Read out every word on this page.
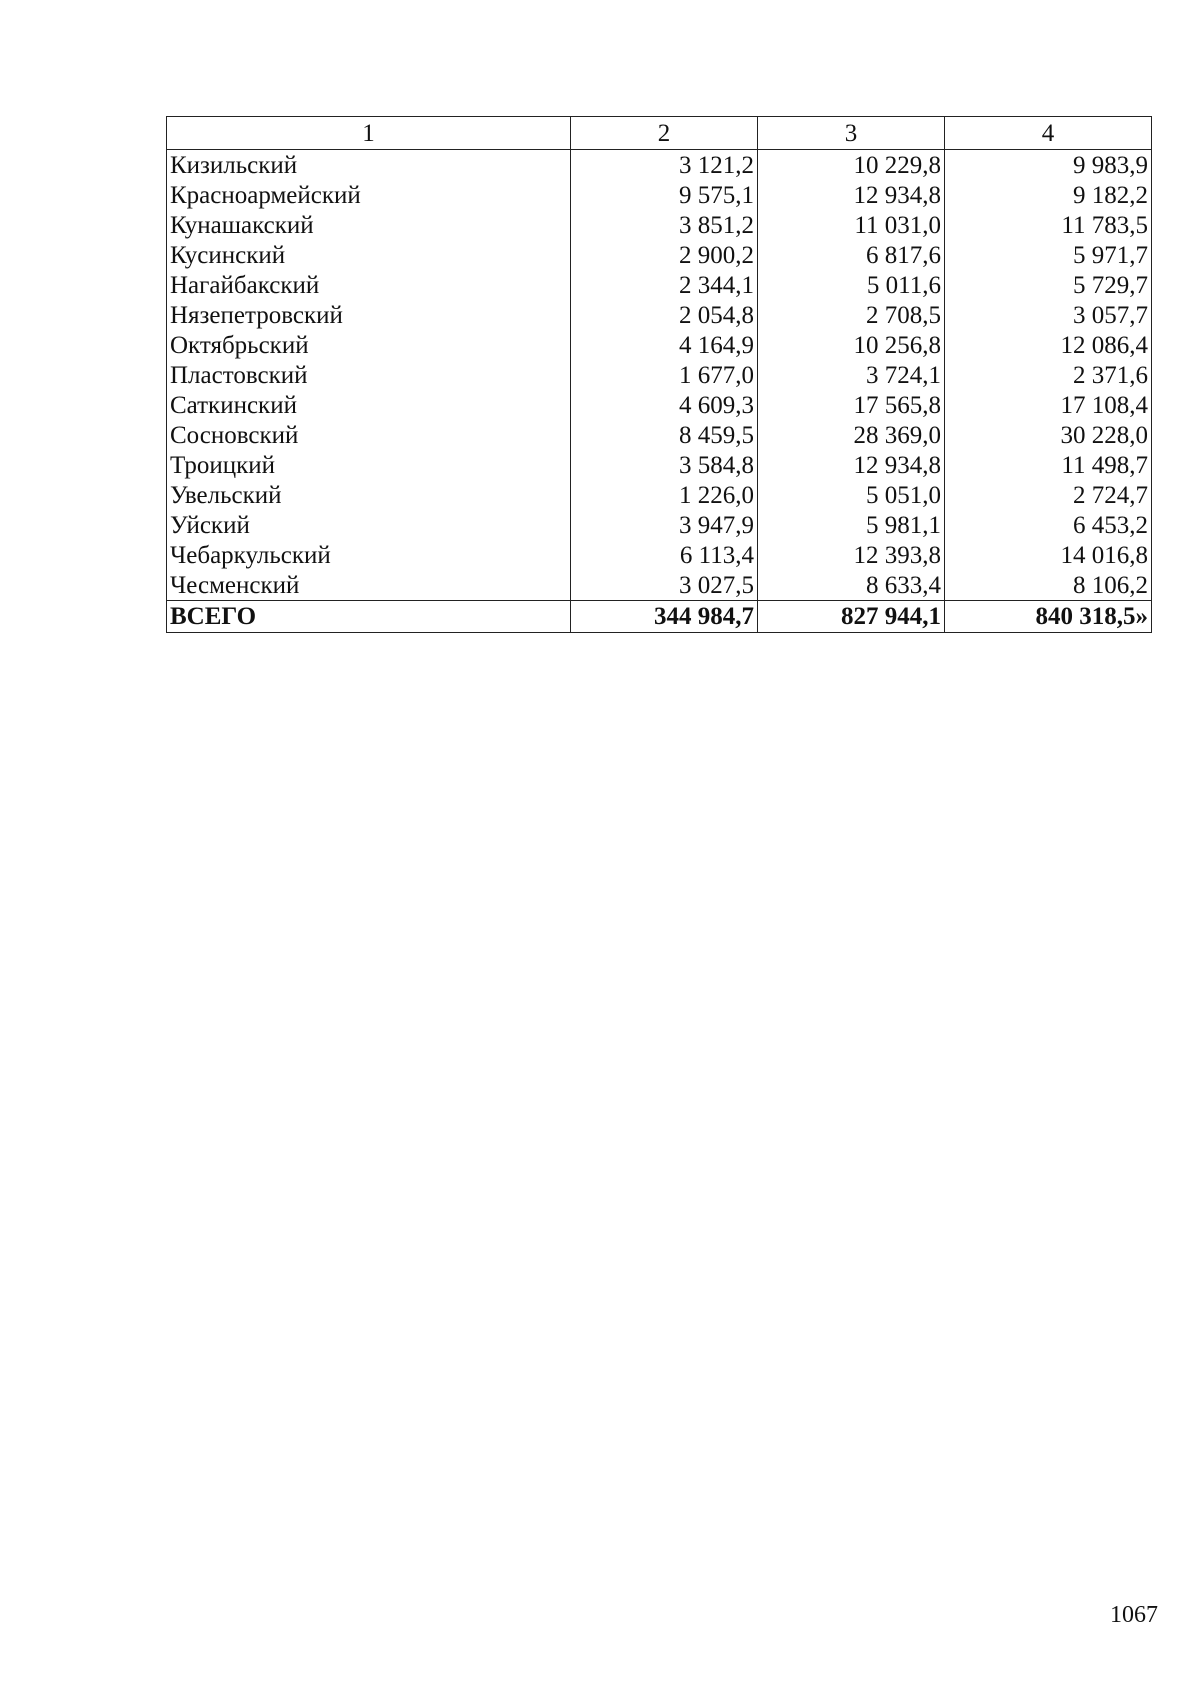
1	2	3	4
Кизильский	3 121,2	10 229,8	9 983,9
Красноармейский	9 575,1	12 934,8	9 182,2
Кунашакский	3 851,2	11 031,0	11 783,5
Кусинский	2 900,2	6 817,6	5 971,7
Нагайбакский	2 344,1	5 011,6	5 729,7
Нязепетровский	2 054,8	2 708,5	3 057,7
Октябрьский	4 164,9	10 256,8	12 086,4
Пластовский	1 677,0	3 724,1	2 371,6
Саткинский	4 609,3	17 565,8	17 108,4
Сосновский	8 459,5	28 369,0	30 228,0
Троицкий	3 584,8	12 934,8	11 498,7
Увельский	1 226,0	5 051,0	2 724,7
Уйский	3 947,9	5 981,1	6 453,2
Чебаркульский	6 113,4	12 393,8	14 016,8
Чесменский	3 027,5	8 633,4	8 106,2
ВСЕГО	344 984,7	827 944,1	840 318,5»
1067
